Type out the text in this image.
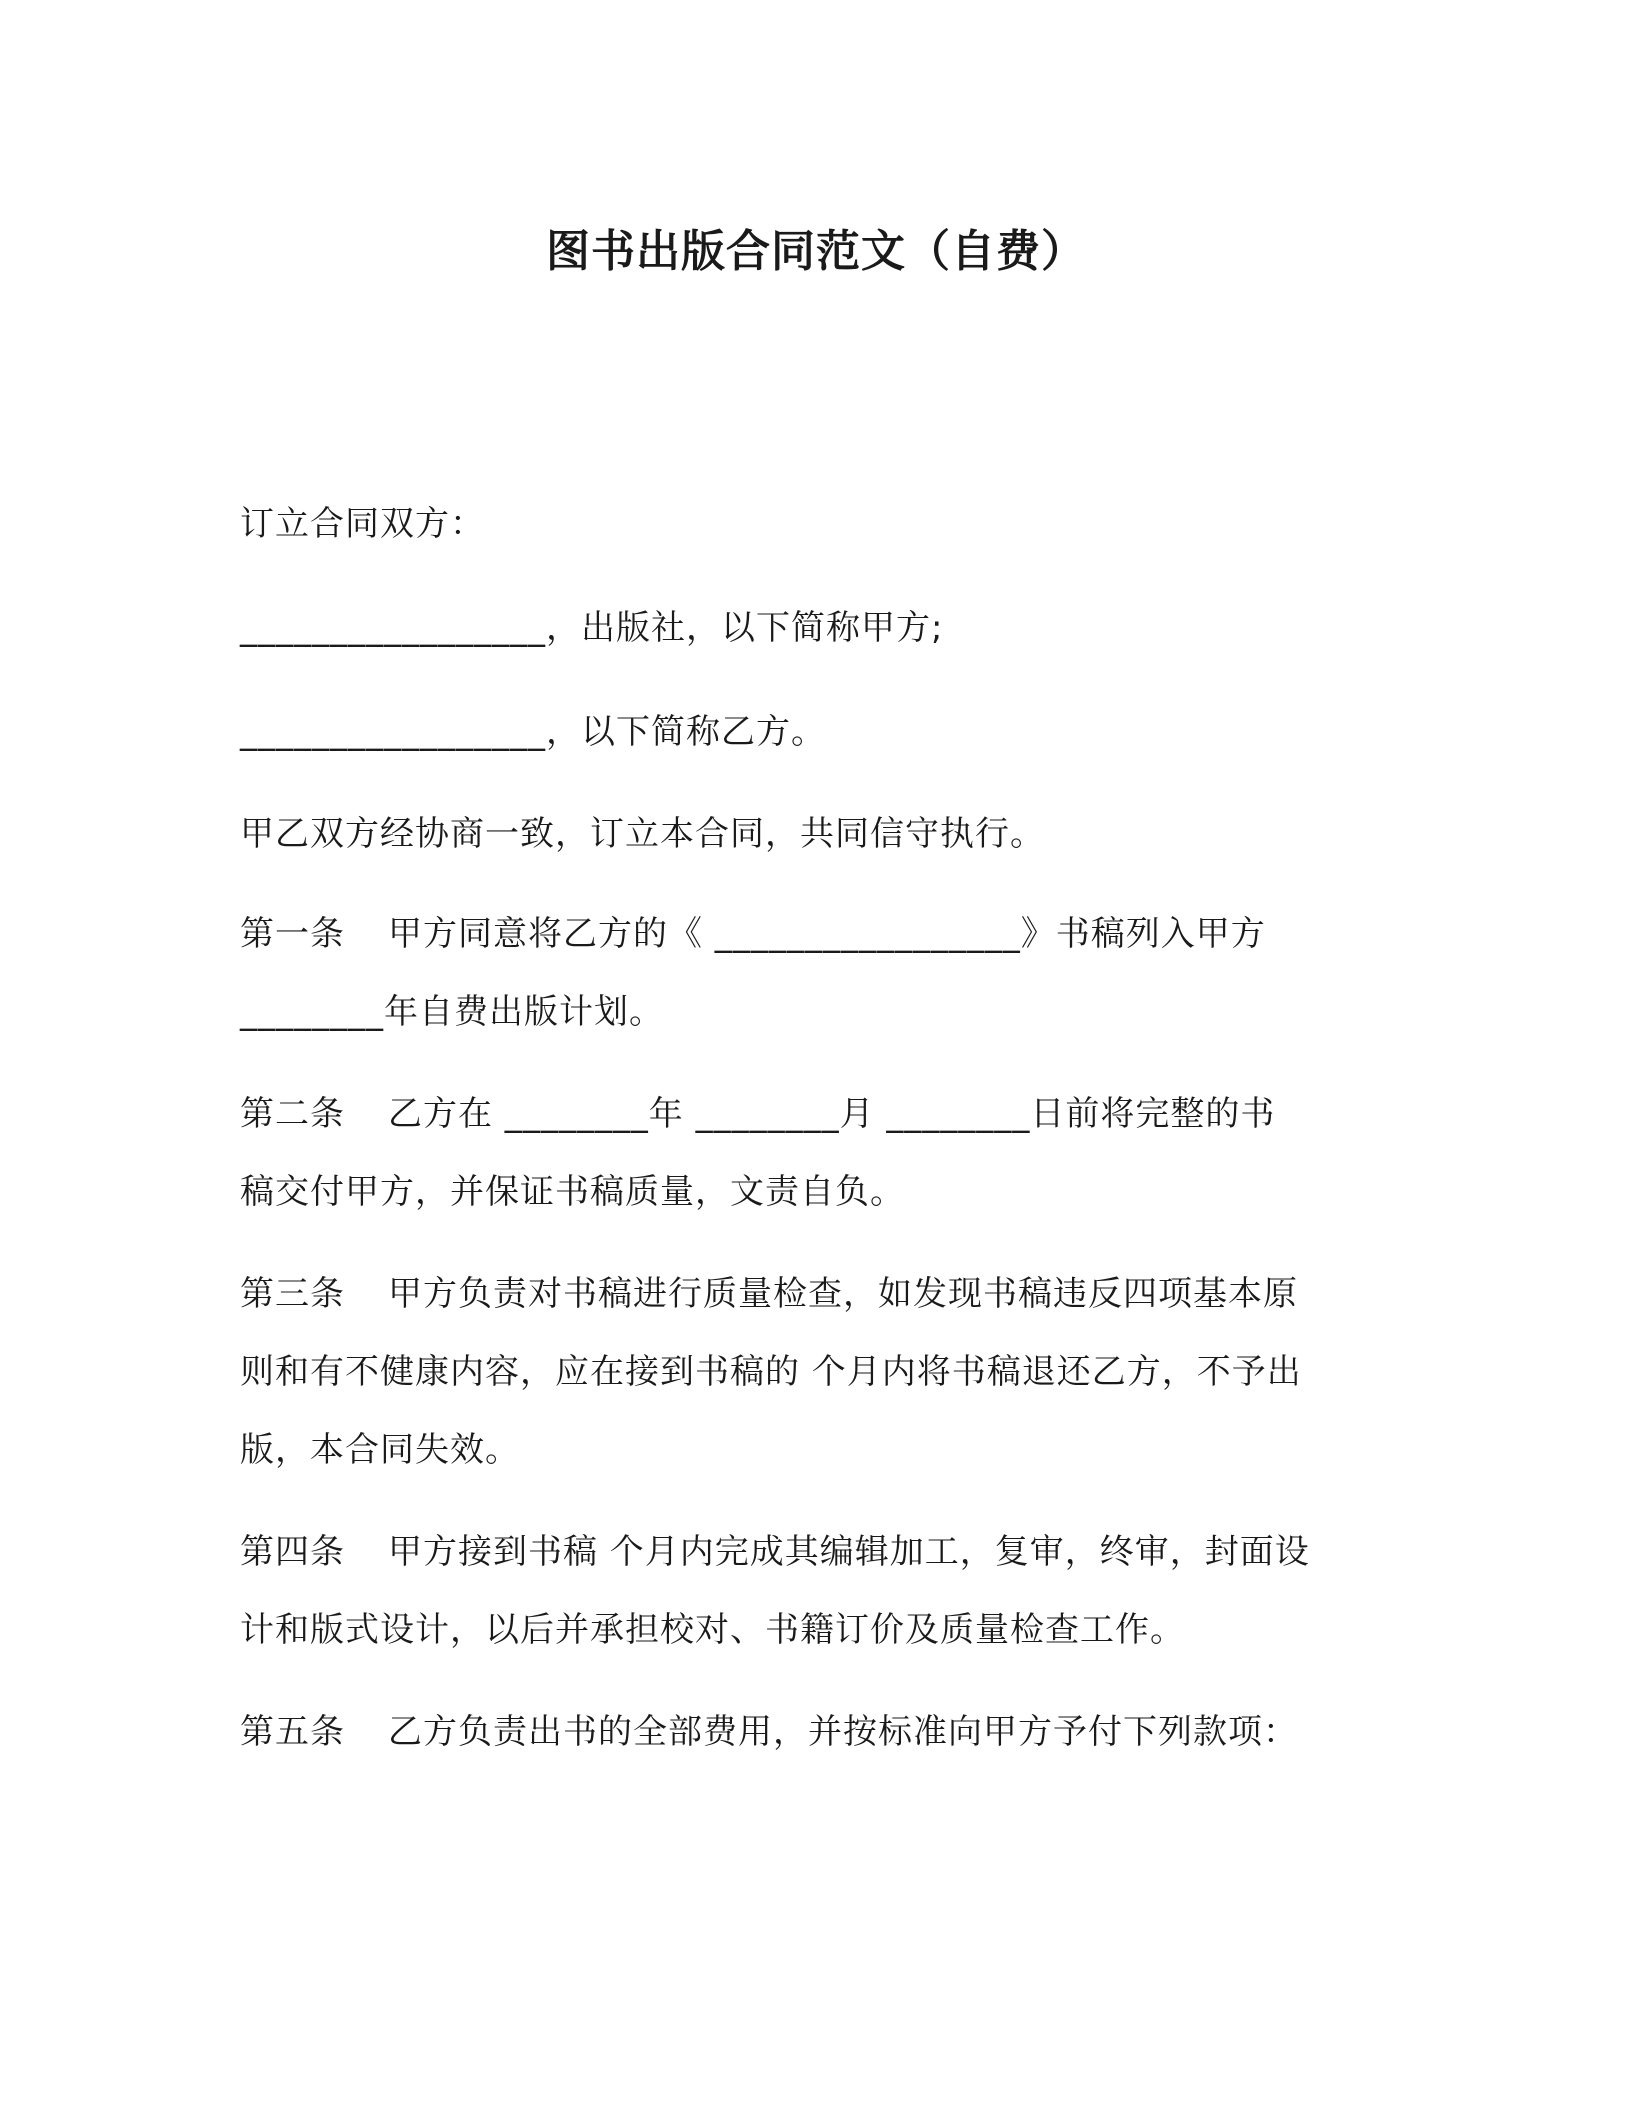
图书出版合同范文（自费）
订立合同双方：
_________________，出版社，以下简称甲方;
_________________，以下简称乙方。
甲乙双方经协商一致，订立本合同，共同信守执行。
第一条 甲方同意将乙方的《 _________________》书稿列入甲方
________年自费出版计划。
第二条 乙方在 ________年 ________月 ________日前将完整的书
稿交付甲方，并保证书稿质量，文责自负。
第三条 甲方负责对书稿进行质量检查，如发现书稿违反四项基本原
则和有不健康内容，应在接到书稿的 个月内将书稿退还乙方，不予出
版，本合同失效。
第四条 甲方接到书稿 个月内完成其编辑加工，复审，终审，封面设
计和版式设计，以后并承担校对、书籍订价及质量检查工作。
第五条 乙方负责出书的全部费用，并按标准向甲方予付下列款项：
